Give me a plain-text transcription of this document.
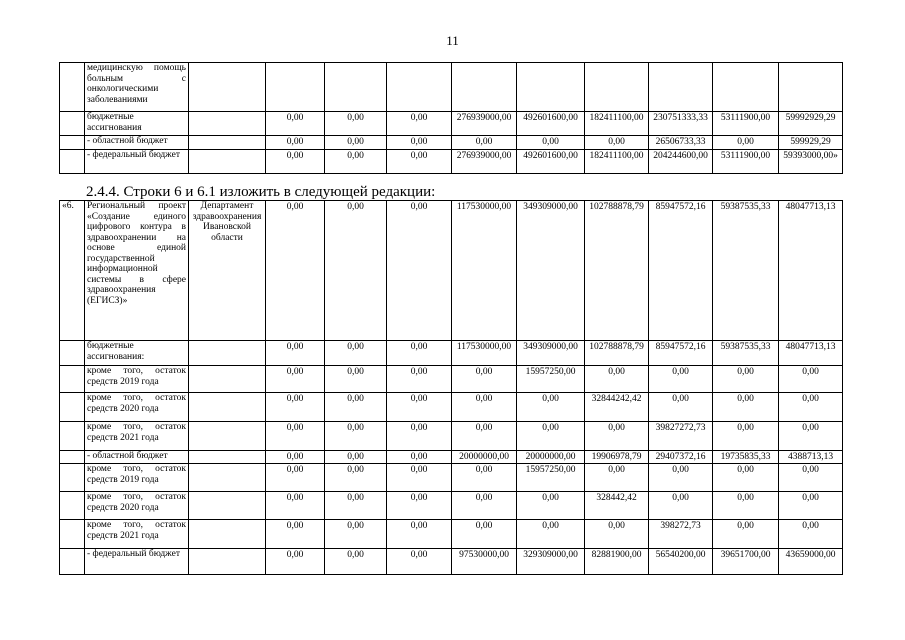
11
	медицинскую помощь больным с онкологическими заболеваниями										
	бюджетные ассигнования		0,00	0,00	0,00	276939000,00	492601600,00	182411100,00	230751333,33	53111900,00	59992929,29
	- областной бюджет		0,00	0,00	0,00	0,00	0,00	0,00	26506733,33	0,00	599929,29
	- федеральный бюджет		0,00	0,00	0,00	276939000,00	492601600,00	182411100,00	204244600,00	53111900,00	59393000,00»
2.4.4. Строки 6 и 6.1 изложить в следующей редакции:
«6.	Региональный проект «Создание единого цифрового контура в здравоохранении на основе единой государственной информационной системы в сфере здравоохранения (ЕГИСЗ)»	Департамент здравоохранения Ивановской области	0,00	0,00	0,00	117530000,00	349309000,00	102788878,79	85947572,16	59387535,33	48047713,13
	бюджетные ассигнования:		0,00	0,00	0,00	117530000,00	349309000,00	102788878,79	85947572,16	59387535,33	48047713,13
	кроме того, остаток средств 2019 года		0,00	0,00	0,00	0,00	15957250,00	0,00	0,00	0,00	0,00
	кроме того, остаток средств 2020 года		0,00	0,00	0,00	0,00	0,00	32844242,42	0,00	0,00	0,00
	кроме того, остаток средств 2021 года		0,00	0,00	0,00	0,00	0,00	0,00	39827272,73	0,00	0,00
	- областной бюджет		0,00	0,00	0,00	20000000,00	20000000,00	19906978,79	29407372,16	19735835,33	4388713,13
	кроме того, остаток средств 2019 года		0,00	0,00	0,00	0,00	15957250,00	0,00	0,00	0,00	0,00
	кроме того, остаток средств 2020 года		0,00	0,00	0,00	0,00	0,00	328442,42	0,00	0,00	0,00
	кроме того, остаток средств 2021 года		0,00	0,00	0,00	0,00	0,00	0,00	398272,73	0,00	0,00
	- федеральный бюджет		0,00	0,00	0,00	97530000,00	329309000,00	82881900,00	56540200,00	39651700,00	43659000,00
